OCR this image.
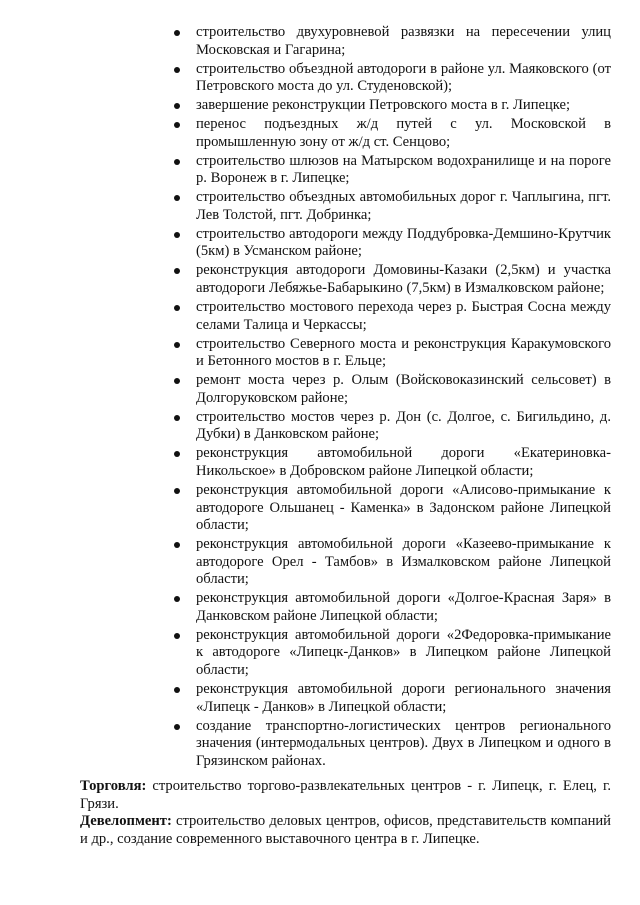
строительство двухуровневой развязки на пересечении улиц Московская и Гагарина;
строительство объездной автодороги в районе ул. Маяковского (от Петровского моста до ул. Студеновской);
завершение реконструкции Петровского моста в г. Липецке;
перенос подъездных ж/д путей с ул. Московской в промышленную зону от ж/д ст. Сенцово;
строительство шлюзов на Матырском водохранилище и на пороге р. Воронеж в г. Липецке;
строительство объездных автомобильных дорог г. Чаплыгина, пгт. Лев Толстой, пгт. Добринка;
строительство автодороги между Поддубровка-Демшино-Крутчик (5км) в Усманском районе;
реконструкция автодороги Домовины-Казаки (2,5км) и участка автодороги Лебяжье-Бабарыкино (7,5км) в Измалковском районе;
строительство мостового перехода через р. Быстрая Сосна между селами Талица и Черкассы;
строительство Северного моста и реконструкция Каракумовского и Бетонного мостов в г. Ельце;
ремонт моста через р. Олым (Войсковоказинский сельсовет) в Долгоруковском районе;
строительство мостов через р. Дон (с. Долгое, с. Бигильдино, д. Дубки) в Данковском районе;
реконструкция автомобильной дороги «Екатериновка-Никольское» в Добровском районе Липецкой области;
реконструкция автомобильной дороги «Алисово-примыкание к автодороге Ольшанец - Каменка» в Задонском районе Липецкой области;
реконструкция автомобильной дороги «Казеево-примыкание к автодороге Орел - Тамбов» в Измалковском районе Липецкой области;
реконструкция автомобильной дороги «Долгое-Красная Заря» в Данковском районе Липецкой области;
реконструкция автомобильной дороги «2Федоровка-примыкание к автодороге «Липецк-Данков» в Липецком районе Липецкой области;
реконструкция автомобильной дороги регионального значения «Липецк - Данков» в Липецкой области;
создание транспортно-логистических центров регионального значения (интермодальных центров). Двух в Липецком и одного в Грязинском районах.

Торговля: строительство торгово-развлекательных центров - г. Липецк, г. Елец, г. Грязи.

Девелопмент: строительство деловых центров, офисов, представительств компаний и др., создание современного выставочного центра в г. Липецке.
